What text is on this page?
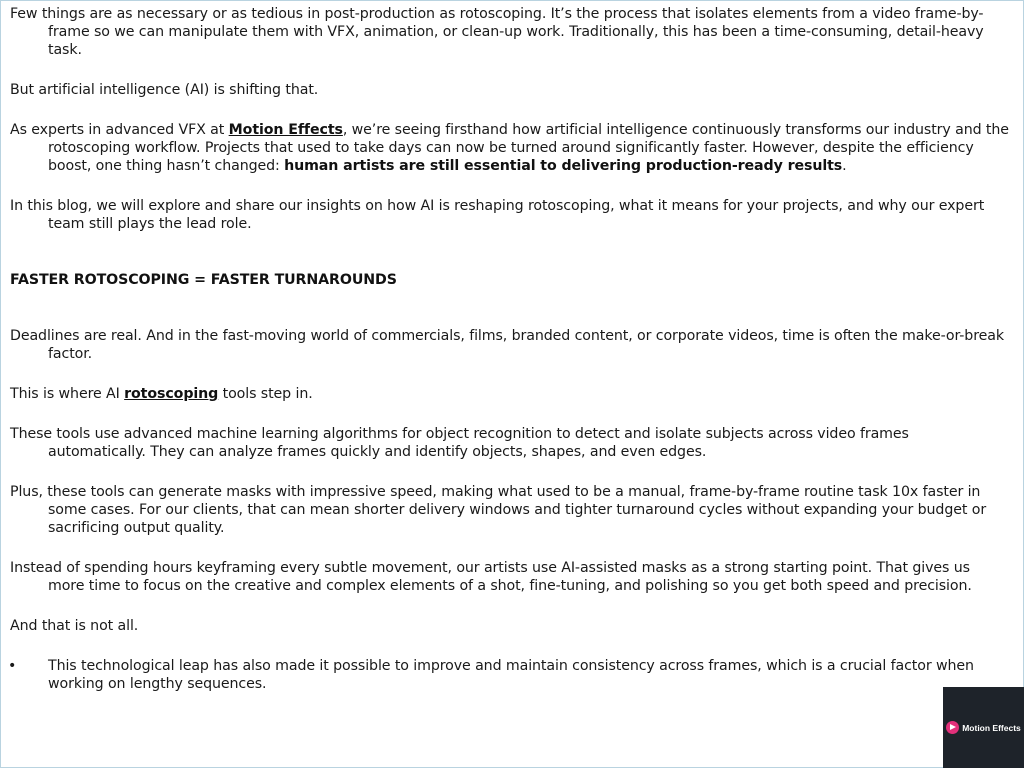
Few things are as necessary or as tedious in post-production as rotoscoping. It’s the process that isolates elements from a video frame-by-frame so we can manipulate them with VFX, animation, or clean-up work. Traditionally, this has been a time-consuming, detail-heavy task.

But artificial intelligence (AI) is shifting that.

As experts in advanced VFX at Motion Effects, we’re seeing firsthand how artificial intelligence continuously transforms our industry and the rotoscoping workflow. Projects that used to take days can now be turned around significantly faster. However, despite the efficiency boost, one thing hasn’t changed: human artists are still essential to delivering production-ready results.

In this blog, we will explore and share our insights on how AI is reshaping rotoscoping, what it means for your projects, and why our expert team still plays the lead role.

FASTER ROTOSCOPING = FASTER TURNAROUNDS

Deadlines are real. And in the fast-moving world of commercials, films, branded content, or corporate videos, time is often the make-or-break factor.

This is where AI rotoscoping tools step in.

These tools use advanced machine learning algorithms for object recognition to detect and isolate subjects across video frames automatically. They can analyze frames quickly and identify objects, shapes, and even edges.

Plus, these tools can generate masks with impressive speed, making what used to be a manual, frame-by-frame routine task 10x faster in some cases. For our clients, that can mean shorter delivery windows and tighter turnaround cycles without expanding your budget or sacrificing output quality.

Instead of spending hours keyframing every subtle movement, our artists use AI-assisted masks as a strong starting point. That gives us more time to focus on the creative and complex elements of a shot, fine-tuning, and polishing so you get both speed and precision.

And that is not all.

• This technological leap has also made it possible to improve and maintain consistency across frames, which is a crucial factor when working on lengthy sequences.

Motion Effects
